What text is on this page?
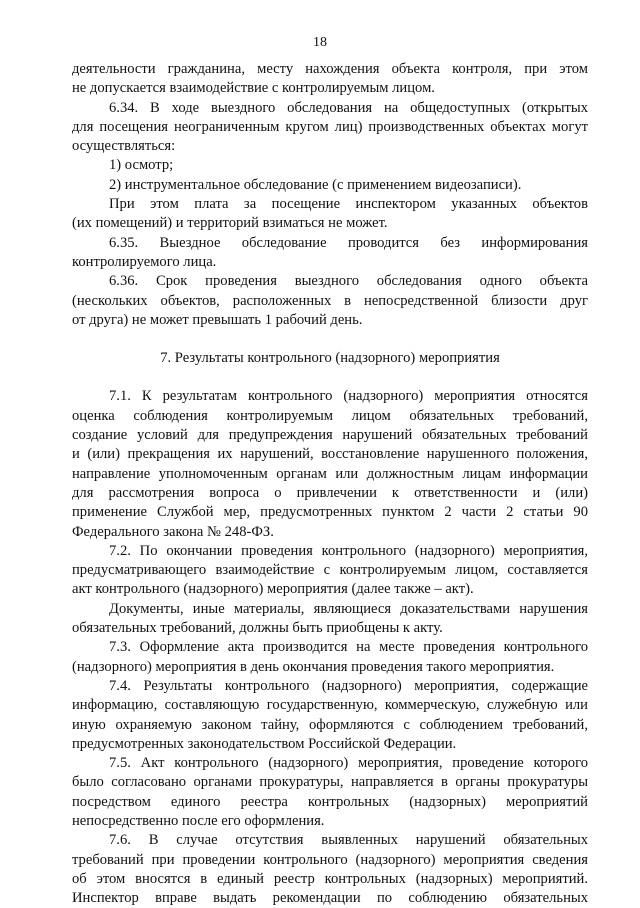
18
деятельности гражданина, месту нахождения объекта контроля, при этом
не допускается взаимодействие с контролируемым лицом.
6.34. В ходе выездного обследования на общедоступных (открытых
для посещения неограниченным кругом лиц) производственных объектах могут
осуществляться:
1) осмотр;
2) инструментальное обследование (с применением видеозаписи).
При этом плата за посещение инспектором указанных объектов
(их помещений) и территорий взиматься не может.
6.35. Выездное обследование проводится без информирования
контролируемого лица.
6.36. Срок проведения выездного обследования одного объекта
(нескольких объектов, расположенных в непосредственной близости друг
от друга) не может превышать 1 рабочий день.
7. Результаты контрольного (надзорного) мероприятия
7.1. К результатам контрольного (надзорного) мероприятия относятся
оценка соблюдения контролируемым лицом обязательных требований,
создание условий для предупреждения нарушений обязательных требований
и (или) прекращения их нарушений, восстановление нарушенного положения,
направление уполномоченным органам или должностным лицам информации
для рассмотрения вопроса о привлечении к ответственности и (или)
применение Службой мер, предусмотренных пунктом 2 части 2 статьи 90
Федерального закона № 248-ФЗ.
7.2. По окончании проведения контрольного (надзорного) мероприятия,
предусматривающего взаимодействие с контролируемым лицом, составляется
акт контрольного (надзорного) мероприятия (далее также – акт).
Документы, иные материалы, являющиеся доказательствами нарушения
обязательных требований, должны быть приобщены к акту.
7.3. Оформление акта производится на месте проведения контрольного
(надзорного) мероприятия в день окончания проведения такого мероприятия.
7.4. Результаты контрольного (надзорного) мероприятия, содержащие
информацию, составляющую государственную, коммерческую, служебную или
иную охраняемую законом тайну, оформляются с соблюдением требований,
предусмотренных законодательством Российской Федерации.
7.5. Акт контрольного (надзорного) мероприятия, проведение которого
было согласовано органами прокуратуры, направляется в органы прокуратуры
посредством единого реестра контрольных (надзорных) мероприятий
непосредственно после его оформления.
7.6. В случае отсутствия выявленных нарушений обязательных
требований при проведении контрольного (надзорного) мероприятия сведения
об этом вносятся в единый реестр контрольных (надзорных) мероприятий.
Инспектор вправе выдать рекомендации по соблюдению обязательных
